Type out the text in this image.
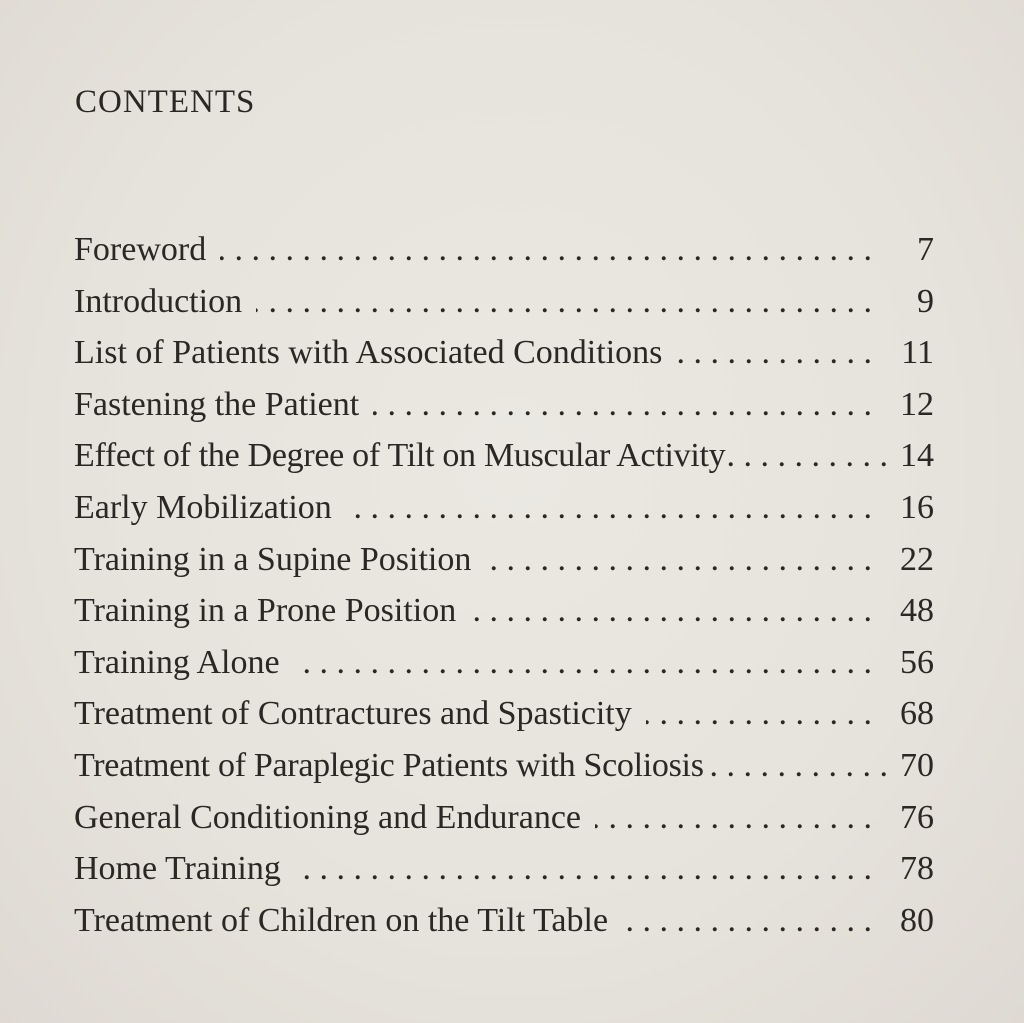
CONTENTS
Foreword . . .	7
Introduction . . .	9
List of Patients with Associated Conditions . . .	11
Fastening the Patient . . .	12
Effect of the Degree of Tilt on Muscular Activity . . .	14
Early Mobilization . . .	16
Training in a Supine Position . . .	22
Training in a Prone Position . . .	48
Training Alone . . .	56
Treatment of Contractures and Spasticity . . .	68
Treatment of Paraplegic Patients with Scoliosis . . .	70
General Conditioning and Endurance . . .	76
Home Training . . .	78
Treatment of Children on the Tilt Table . . .	80
